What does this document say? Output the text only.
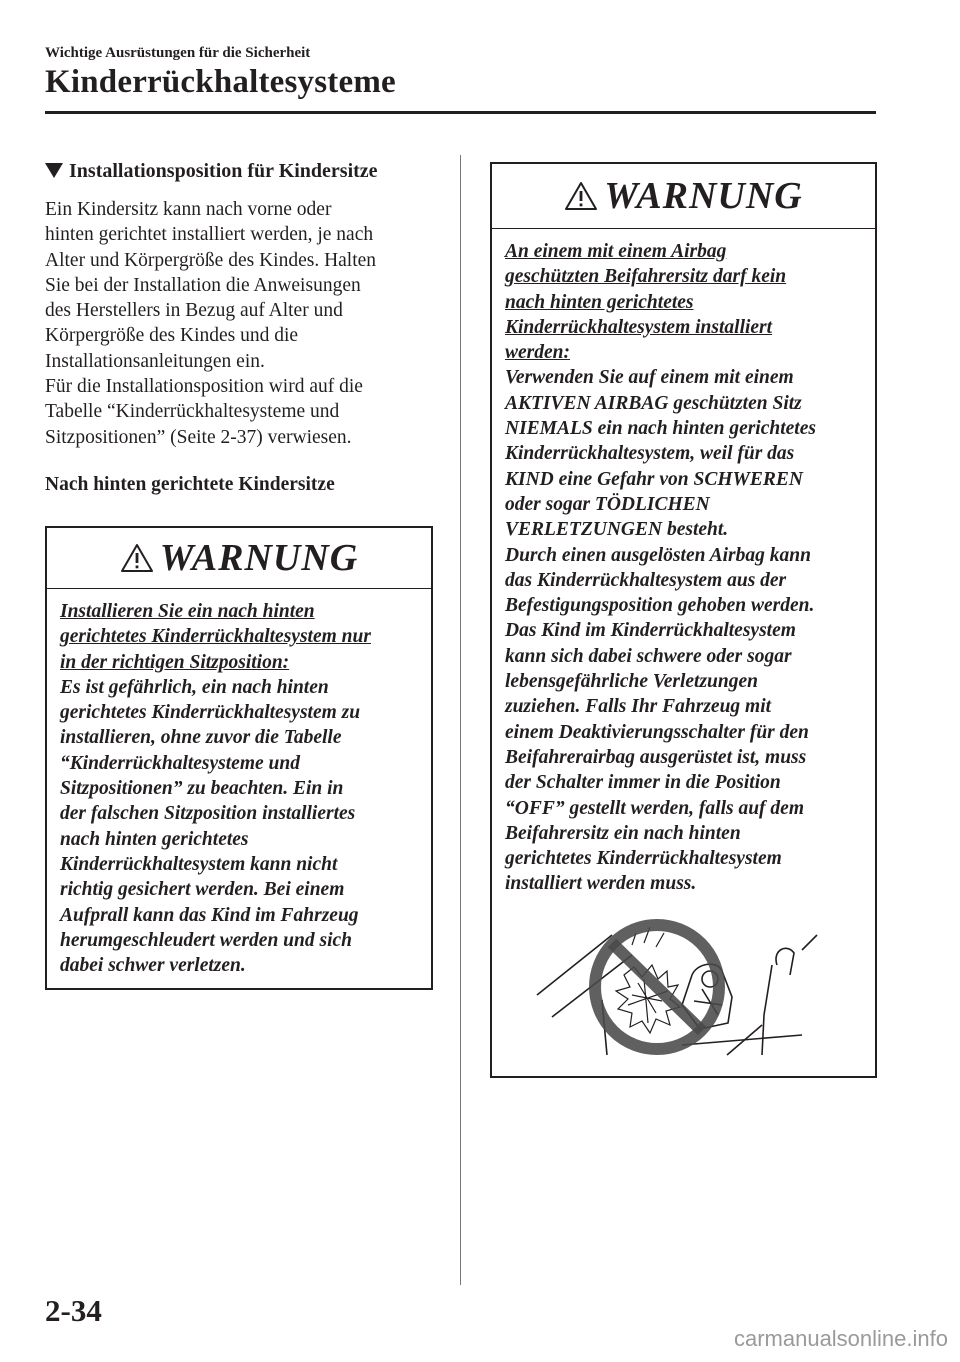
Wichtige Ausrüstungen für die Sicherheit
Kinderrückhaltesysteme
Installationsposition für Kindersitze
Ein Kindersitz kann nach vorne oder
hinten gerichtet installiert werden, je nach
Alter und Körpergröße des Kindes. Halten
Sie bei der Installation die Anweisungen
des Herstellers in Bezug auf Alter und
Körpergröße des Kindes und die
Installationsanleitungen ein.
Für die Installationsposition wird auf die
Tabelle “Kinderrückhaltesysteme und
Sitzpositionen” (Seite 2-37) verwiesen.
Nach hinten gerichtete Kindersitze
WARNUNG
Installieren Sie ein nach hinten
gerichtetes Kinderrückhaltesystem nur
in der richtigen Sitzposition:
Es ist gefährlich, ein nach hinten
gerichtetes Kinderrückhaltesystem zu
installieren, ohne zuvor die Tabelle
“Kinderrückhaltesysteme und
Sitzpositionen” zu beachten. Ein in
der falschen Sitzposition installiertes
nach hinten gerichtetes
Kinderrückhaltesystem kann nicht
richtig gesichert werden. Bei einem
Aufprall kann das Kind im Fahrzeug
herumgeschleudert werden und sich
dabei schwer verletzen.
WARNUNG
An einem mit einem Airbag
geschützten Beifahrersitz darf kein
nach hinten gerichtetes
Kinderrückhaltesystem installiert
werden:
Verwenden Sie auf einem mit einem
AKTIVEN AIRBAG geschützten Sitz
NIEMALS ein nach hinten gerichtetes
Kinderrückhaltesystem, weil für das
KIND eine Gefahr von SCHWEREN
oder sogar TÖDLICHEN
VERLETZUNGEN besteht.
Durch einen ausgelösten Airbag kann
das Kinderrückhaltesystem aus der
Befestigungsposition gehoben werden.
Das Kind im Kinderrückhaltesystem
kann sich dabei schwere oder sogar
lebensgefährliche Verletzungen
zuziehen. Falls Ihr Fahrzeug mit
einem Deaktivierungsschalter für den
Beifahrerairbag ausgerüstet ist, muss
der Schalter immer in die Position
“OFF” gestellt werden, falls auf dem
Beifahrersitz ein nach hinten
gerichtetes Kinderrückhaltesystem
installiert werden muss.
2-34
carmanualsonline.info
